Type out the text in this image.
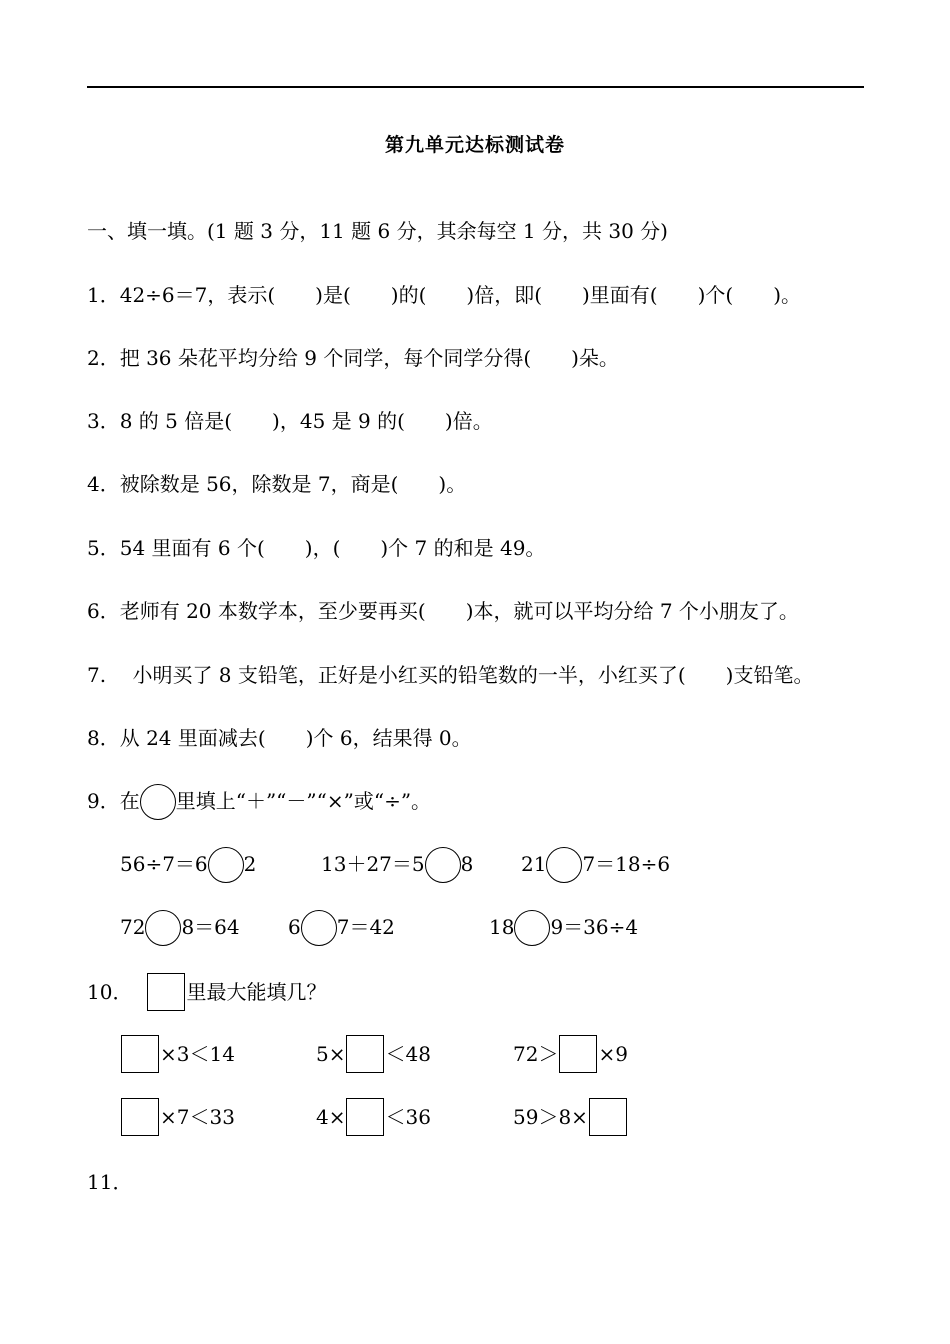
第九单元达标测试卷
一、填一填。(1 题 3 分，11 题 6 分，其余每空 1 分，共 30 分)
1．42÷6＝7，表示(　　)是(　　)的(　　)倍，即(　　)里面有(　　)个(　　)。
2．把 36 朵花平均分给 9 个同学，每个同学分得(　　)朵。
3．8 的 5 倍是(　　)，45 是 9 的(　　)倍。
4．被除数是 56，除数是 7，商是(　　)。
5．54 里面有 6 个(　　)，(　　)个 7 的和是 49。
6．老师有 20 本数学本，至少要再买(　　)本，就可以平均分给 7 个小朋友了。
7.　 小明买了 8 支铅笔，正好是小红买的铅笔数的一半，小红买了(　　)支铅笔。
8．从 24 里面减去(　　)个 6，结果得 0。
9．在 里填上“＋”“－”“×”或“÷”。
56÷7＝6 2	13＋27＝5 8 21 7＝18÷6
72 8＝64 6 7＝42	18 9＝36÷4
10．	里最大能填几？
×3＜14	5× ＜48	72＞ ×9
×7＜33	4× ＜36	59＞8×
11．
